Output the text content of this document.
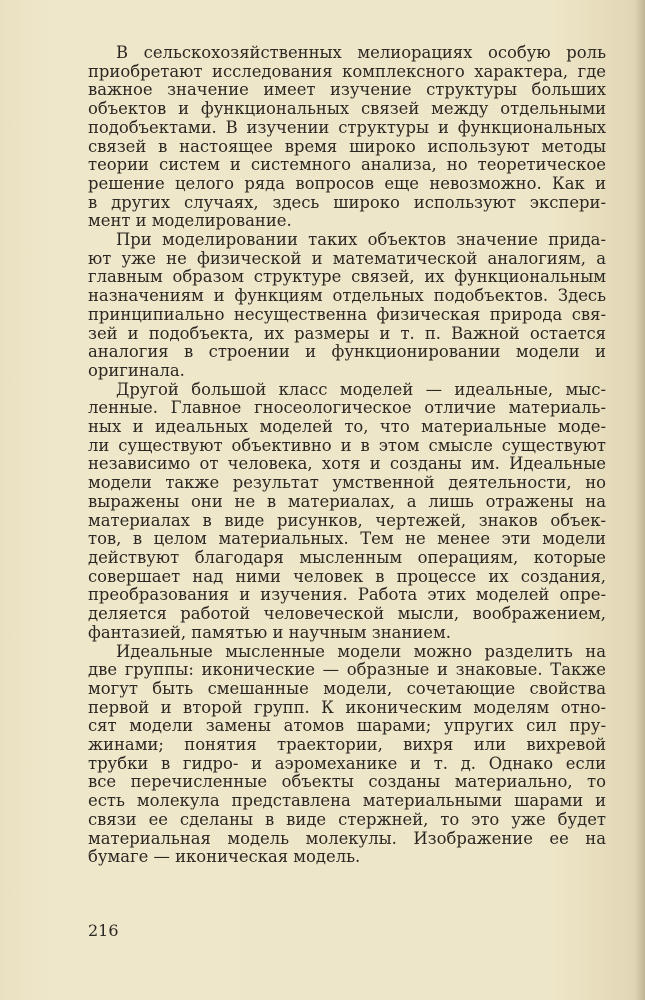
В сельскохозяйственных мелиорациях особую роль
приобретают исследования комплексного характера, где
важное значение имеет изучение структуры больших
объектов и функциональных связей между отдельными
подобъектами. В изучении структуры и функциональных
связей в настоящее время широко используют методы
теории систем и системного анализа, но теоретическое
решение целого ряда вопросов еще невозможно. Как и
в других случаях, здесь широко используют экспери-
мент и моделирование.
При моделировании таких объектов значение прида-
ют уже не физической и математической аналогиям, а
главным образом структуре связей, их функциональным
назначениям и функциям отдельных подобъектов. Здесь
принципиально несущественна физическая природа свя-
зей и подобъекта, их размеры и т. п. Важной остается
аналогия в строении и функционировании модели и
оригинала.
Другой большой класс моделей — идеальные, мыс-
ленные. Главное гносеологическое отличие материаль-
ных и идеальных моделей то, что материальные моде-
ли существуют объективно и в этом смысле существуют
независимо от человека, хотя и созданы им. Идеальные
модели также результат умственной деятельности, но
выражены они не в материалах, а лишь отражены на
материалах в виде рисунков, чертежей, знаков объек-
тов, в целом материальных. Тем не менее эти модели
действуют благодаря мысленным операциям, которые
совершает над ними человек в процессе их создания,
преобразования и изучения. Работа этих моделей опре-
деляется работой человеческой мысли, воображением,
фантазией, памятью и научным знанием.
Идеальные мысленные модели можно разделить на
две группы: иконические — образные и знаковые. Также
могут быть смешанные модели, сочетающие свойства
первой и второй групп. К иконическим моделям отно-
сят модели замены атомов шарами; упругих сил пру-
жинами; понятия траектории, вихря или вихревой
трубки в гидро- и аэромеханике и т. д. Однако если
все перечисленные объекты созданы материально, то
есть молекула представлена материальными шарами и
связи ее сделаны в виде стержней, то это уже будет
материальная модель молекулы. Изображение ее на
бумаге — иконическая модель.
216
